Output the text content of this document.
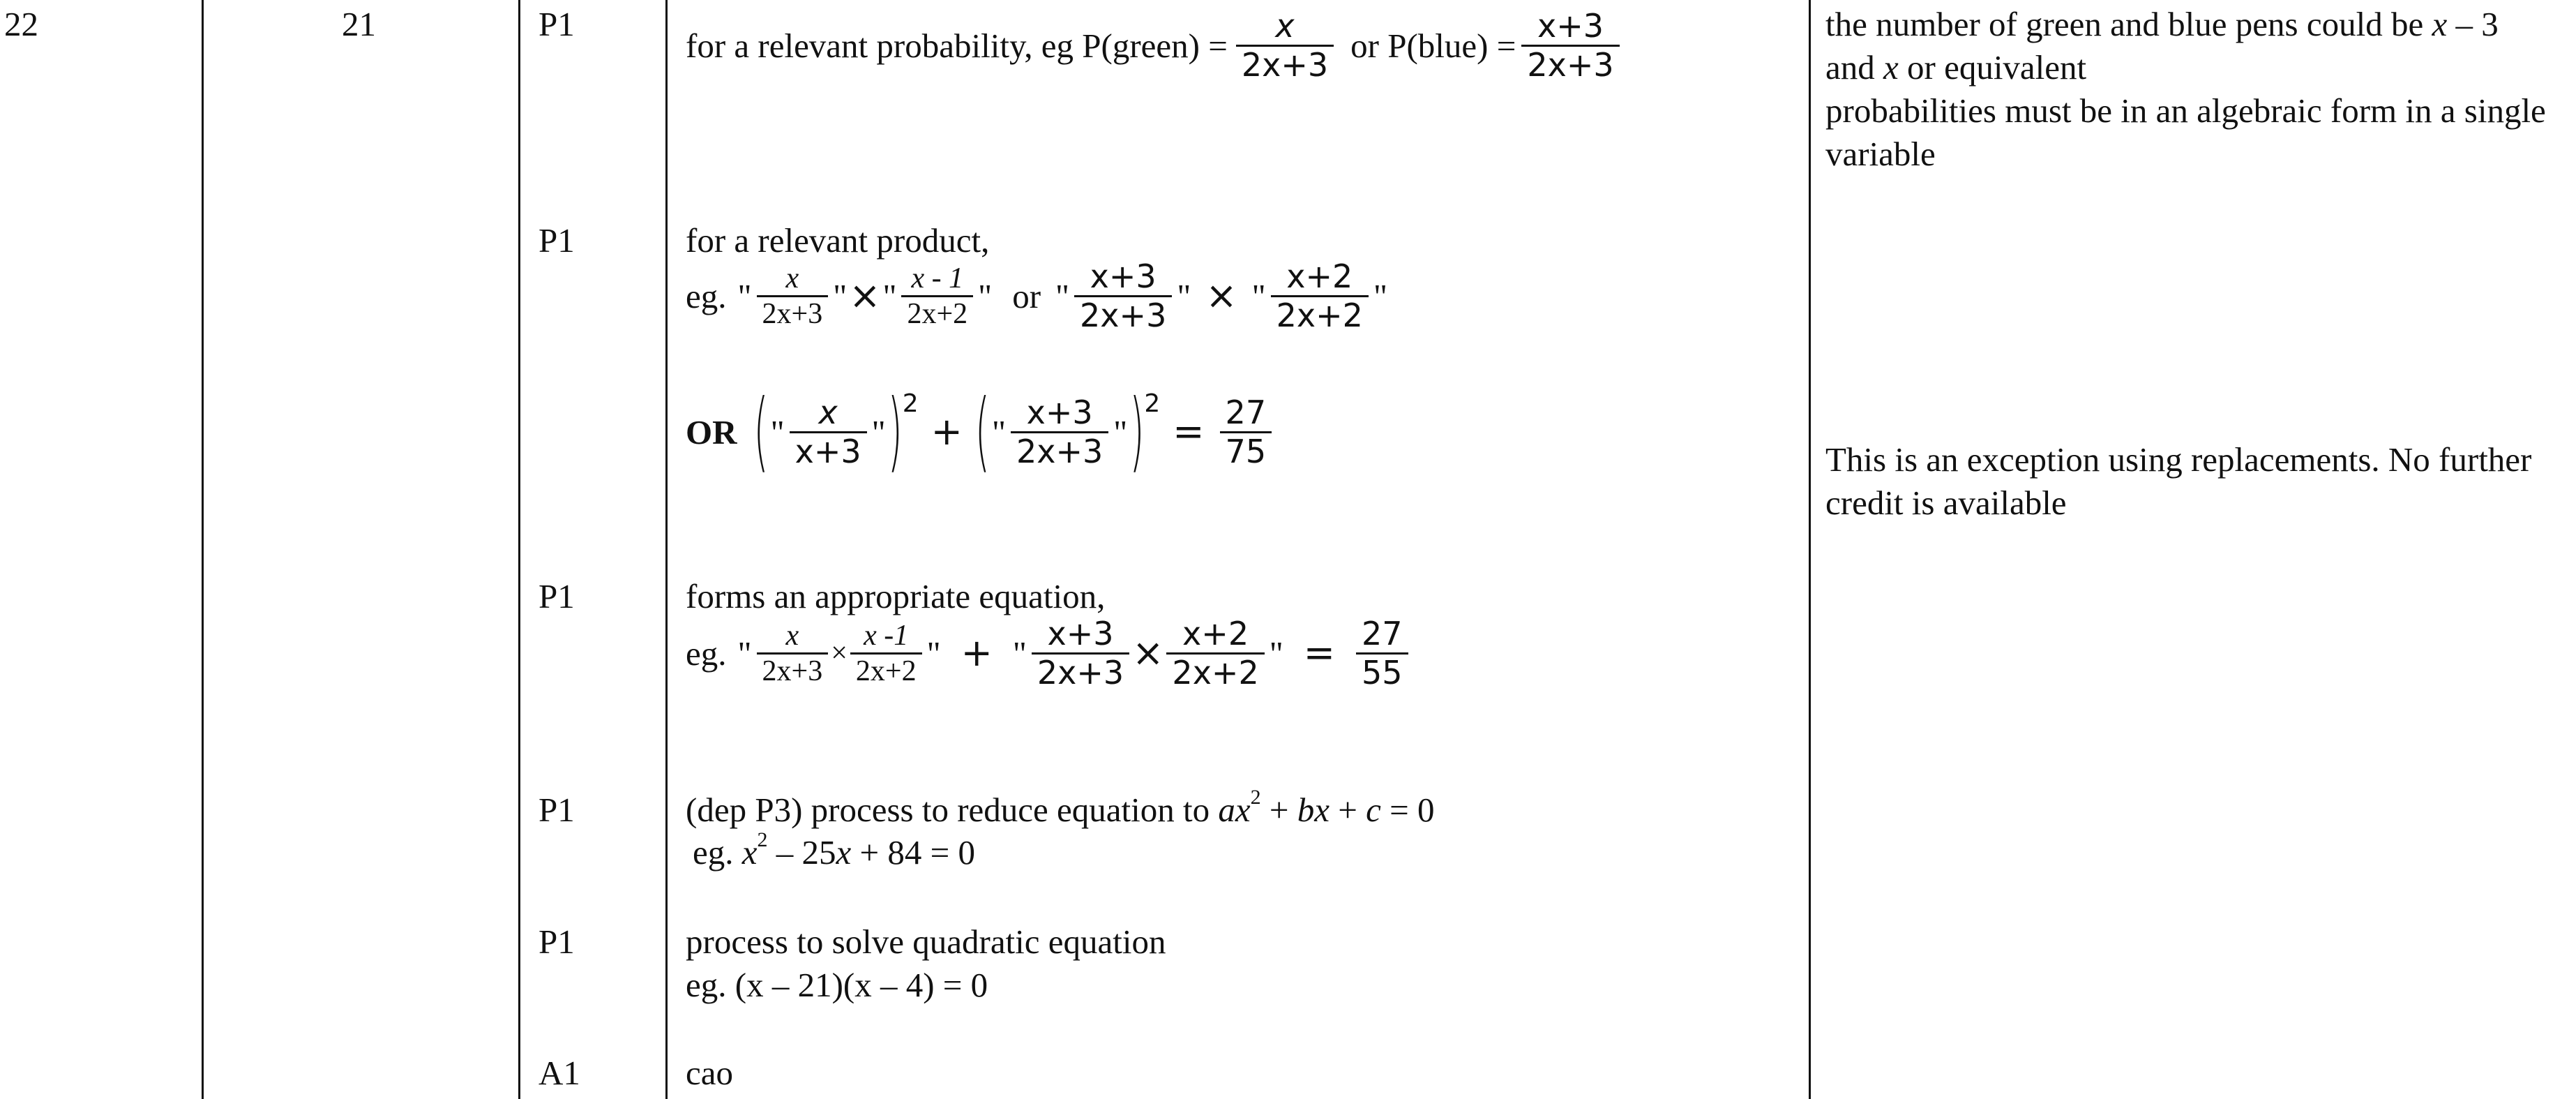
22	21	P1
P1
P1
P1
P1
A1
for a relevant probability, eg P(green) = $\frac{x}{2x+3}$ or P(blue) = $\frac{x+3}{2x+3}$
for a relevant product,
eg. " $\frac{x}{2x+3}$ " × " $\frac{x - 1}{2x+2}$ " or " $\frac{x+3}{2x+3}$ " × " $\frac{x+2}{2x+2}$ "
OR ( " $\frac{x}{x+3}$ " ) 2
+ ( " $\frac{x+3}{2x+3}$ " ) 2
= $\frac{27}{75}$
forms an appropriate equation,
eg. " $\frac{x}{2x+3} \times \frac{x -1}{2x+2}$ " + " $\frac{x+3}{2x+3} \times \frac{x+2}{2x+2}$ " = $\frac{27}{55}$
(dep P3) process to reduce equation to $ax^2$ + bx + c = 0
eg. $x^2 - 25x + 84 = 0$
process to solve quadratic equation
eg. (x – 21)(x – 4) = 0
cao
the number of green and blue pens could be x – 3
and x or equivalent
probabilities must be in an algebraic form in a single variable
This is an exception using replacements. No further credit is available
